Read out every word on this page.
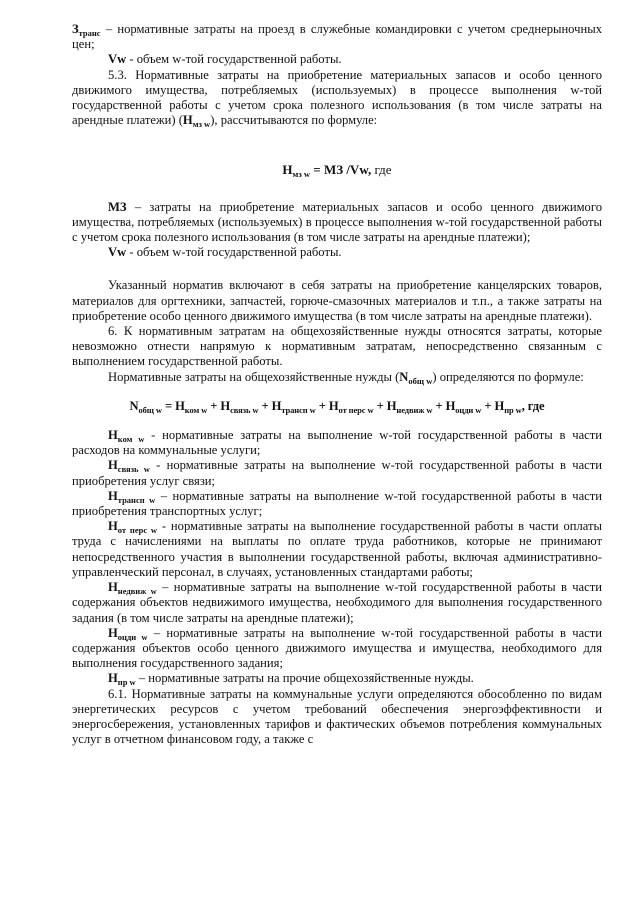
$З_{транс}$ – нормативные затраты на проезд в служебные командировки с учетом среднерыночных цен;

Vw - объем w-той государственной работы.

5.3. Нормативные затраты на приобретение материальных запасов и особо ценного движимого имущества, потребляемых (используемых) в процессе выполнения w-той государственной работы с учетом срока полезного использования (в том числе затраты на арендные платежи) $(Н_{мз w})$, рассчитываются по формуле:

$Н_{мз w}$ = МЗ /Vw, где

МЗ – затраты на приобретение материальных запасов и особо ценного движимого имущества, потребляемых (используемых) в процессе выполнения w-той государственной работы с учетом срока полезного использования (в том числе затраты на арендные платежи);

Vw - объем w-той государственной работы.

Указанный норматив включают в себя затраты на приобретение канцелярских товаров, материалов для оргтехники, запчастей, горюче-смазочных материалов и т.п., а также затраты на приобретение особо ценного движимого имущества (в том числе затраты на арендные платежи).

6. К нормативным затратам на общехозяйственные нужды относятся затраты, которые невозможно отнести напрямую к нормативным затратам, непосредственно связанным с выполнением государственной работы.

Нормативные затраты на общехозяйственные нужды $(N_{общ w})$ определяются по формуле:

$N_{общ w} = Н_{ком w} + Н_{связь w} + Н_{трансп w} + Н_{от перс w} + Н_{недвиж w} + Н_{оцди w} + Н_{пр w}$, где

$Н_{ком w}$ - нормативные затраты на выполнение w-той государственной работы в части расходов на коммунальные услуги;

$Н_{связь w}$ - нормативные затраты на выполнение w-той государственной работы в части приобретения услуг связи;

$Н_{трансп w}$ – нормативные затраты на выполнение w-той государственной работы в части приобретения транспортных услуг;

$Н_{от перс w}$ - нормативные затраты на выполнение государственной работы в части оплаты труда с начислениями на выплаты по оплате труда работников, которые не принимают непосредственного участия в выполнении государственной работы, включая административно-управленческий персонал, в случаях, установленных стандартами работы;

$Н_{недвиж w}$ – нормативные затраты на выполнение w-той государственной работы в части содержания объектов недвижимого имущества, необходимого для выполнения государственного задания (в том числе затраты на арендные платежи);

$Н_{оцди w}$ – нормативные затраты на выполнение w-той государственной работы в части содержания объектов особо ценного движимого имущества и имущества, необходимого для выполнения государственного задания;

$Н_{пр w}$ – нормативные затраты на прочие общехозяйственные нужды.

6.1. Нормативные затраты на коммунальные услуги определяются обособленно по видам энергетических ресурсов с учетом требований обеспечения энергоэффективности и энергосбережения, установленных тарифов и фактических объемов потребления коммунальных услуг в отчетном финансовом году, а также с
